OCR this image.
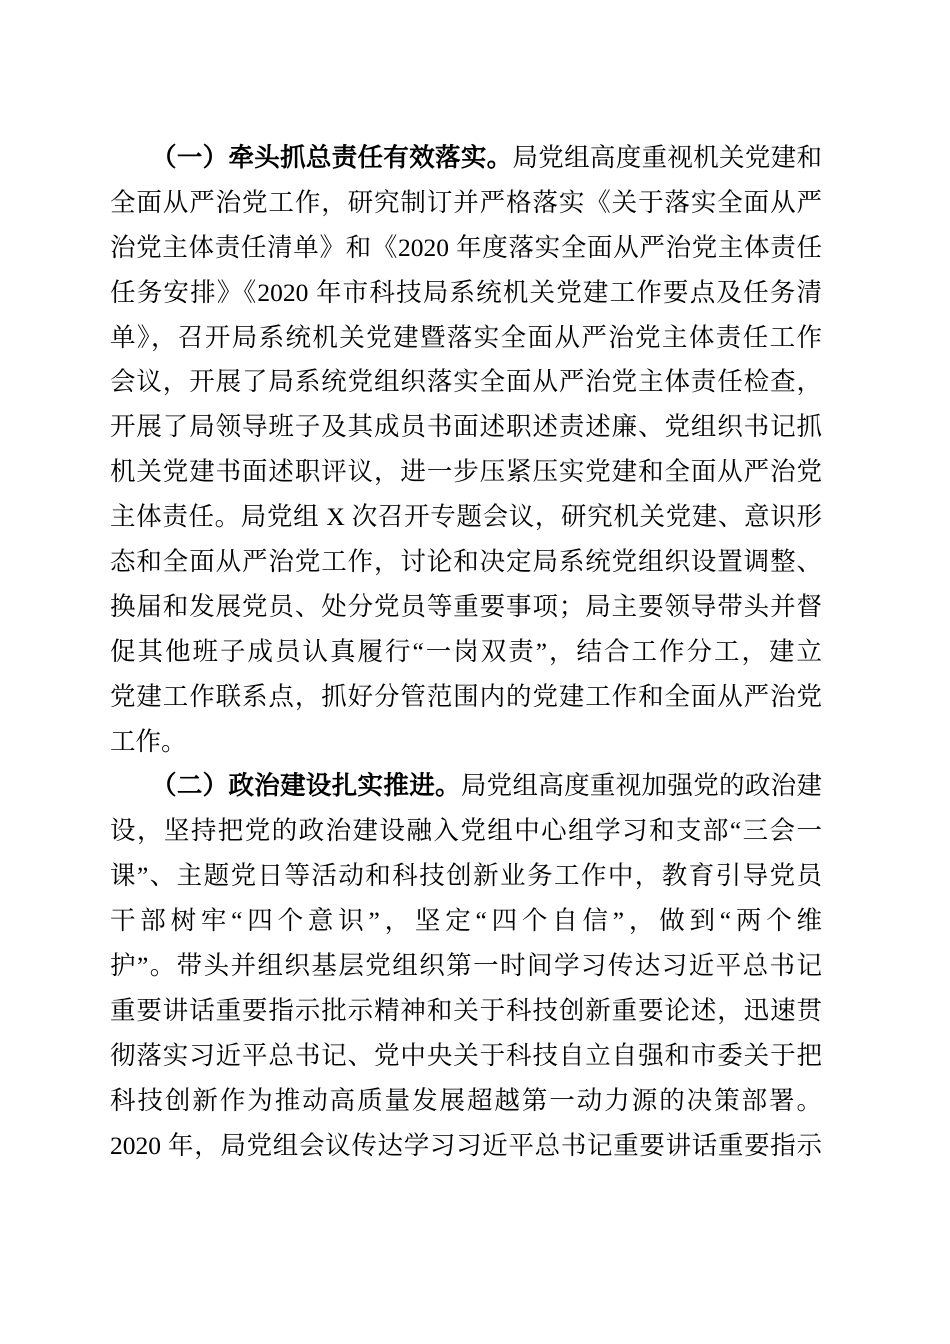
（一）牵头抓总责任有效落实。局党组高度重视机关党建和
全面从严治党工作，研究制订并严格落实《关于落实全面从严
治党主体责任清单》和《2020 年度落实全面从严治党主体责任
任务安排》《2020 年市科技局系统机关党建工作要点及任务清
单》，召开局系统机关党建暨落实全面从严治党主体责任工作
会议，开展了局系统党组织落实全面从严治党主体责任检查，
开展了局领导班子及其成员书面述职述责述廉、党组织书记抓
机关党建书面述职评议，进一步压紧压实党建和全面从严治党
主体责任。局党组 X 次召开专题会议，研究机关党建、意识形
态和全面从严治党工作，讨论和决定局系统党组织设置调整、
换届和发展党员、处分党员等重要事项；局主要领导带头并督
促其他班子成员认真履行“一岗双责”，结合工作分工，建立
党建工作联系点，抓好分管范围内的党建工作和全面从严治党
工作。
（二）政治建设扎实推进。局党组高度重视加强党的政治建
设，坚持把党的政治建设融入党组中心组学习和支部“三会一
课”、主题党日等活动和科技创新业务工作中，教育引导党员
干部树牢“四个意识”，坚定“四个自信”，做到“两个维
护”。带头并组织基层党组织第一时间学习传达习近平总书记
重要讲话重要指示批示精神和关于科技创新重要论述，迅速贯
彻落实习近平总书记、党中央关于科技自立自强和市委关于把
科技创新作为推动高质量发展超越第一动力源的决策部署。
2020 年，局党组会议传达学习习近平总书记重要讲话重要指示
